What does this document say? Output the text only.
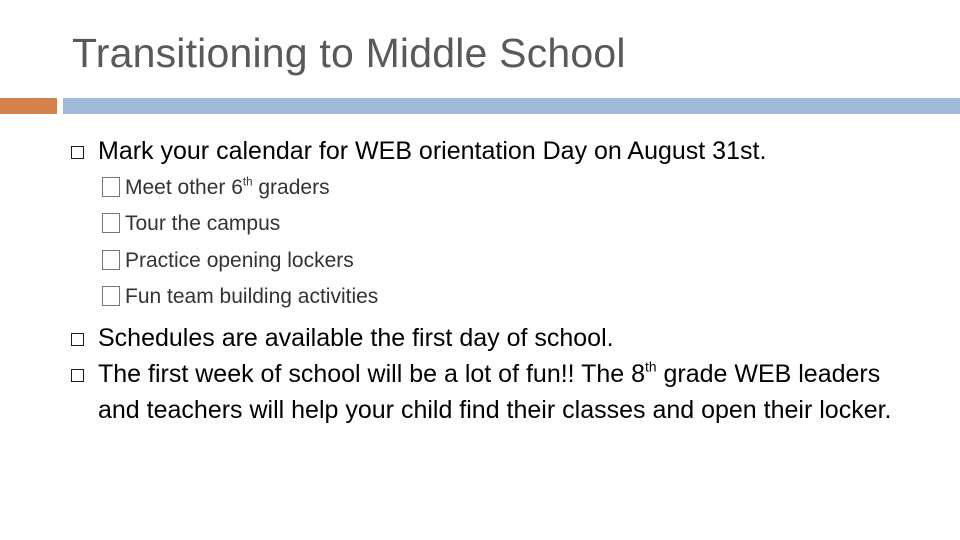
Transitioning to Middle School
Mark your calendar for WEB orientation Day on August 31st.
Meet other 6th graders
Tour the campus
Practice opening lockers
Fun team building activities
Schedules are available the first day of school.
The first week of school will be a lot of fun!! The 8th grade WEB leaders and teachers will help your child find their classes and open their locker.
